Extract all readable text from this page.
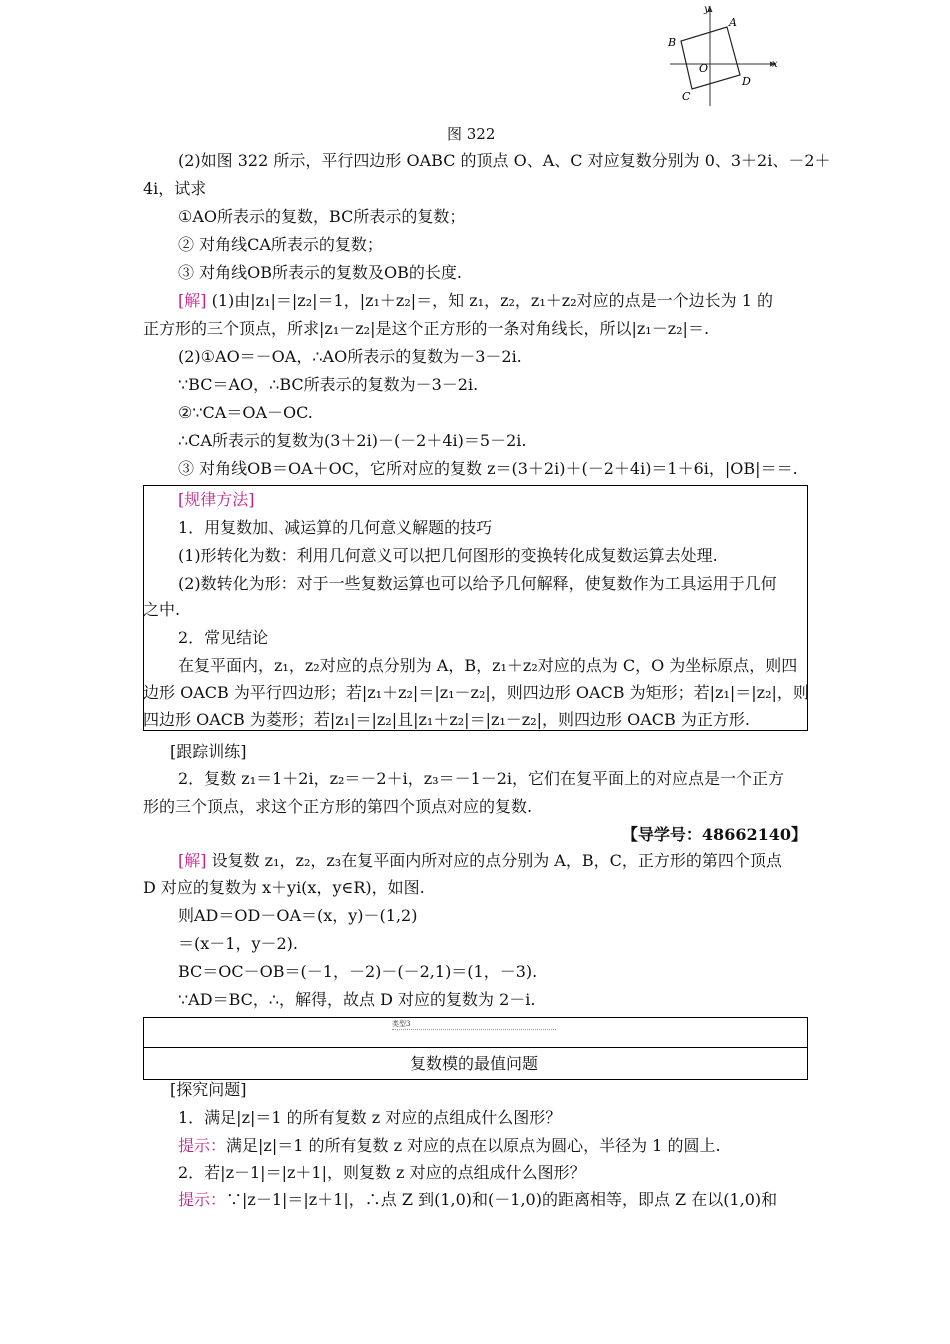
y
x
A
B
O
C
D
图 322
(2)如图 322 所示，平行四边形 OABC 的顶点 O、A、C 对应复数分别为 0、3＋2i、－2＋
4i，试求
①AO所表示的复数，BC所表示的复数；
② 对角线CA所表示的复数；
③ 对角线OB所表示的复数及OB的长度.
[解] (1)由|z₁|＝|z₂|＝1，|z₁＋z₂|＝，知 z₁，z₂，z₁＋z₂对应的点是一个边长为 1 的
正方形的三个顶点，所求|z₁－z₂|是这个正方形的一条对角线长，所以|z₁－z₂|＝.
(2)①AO＝－OA，∴AO所表示的复数为－3－2i.
∵BC＝AO，∴BC所表示的复数为－3－2i.
②∵CA＝OA－OC.
∴CA所表示的复数为(3＋2i)－(－2＋4i)＝5－2i.
③ 对角线OB＝OA＋OC，它所对应的复数 z＝(3＋2i)＋(－2＋4i)＝1＋6i，|OB|＝＝.
[规律方法]
1．用复数加、减运算的几何意义解题的技巧
(1)形转化为数：利用几何意义可以把几何图形的变换转化成复数运算去处理.
(2)数转化为形：对于一些复数运算也可以给予几何解释，使复数作为工具运用于几何
之中.
2．常见结论
在复平面内，z₁，z₂对应的点分别为 A，B，z₁＋z₂对应的点为 C，O 为坐标原点，则四
边形 OACB 为平行四边形；若|z₁＋z₂|＝|z₁－z₂|，则四边形 OACB 为矩形；若|z₁|＝|z₂|，则
四边形 OACB 为菱形；若|z₁|＝|z₂|且|z₁＋z₂|＝|z₁－z₂|，则四边形 OACB 为正方形.
[跟踪训练]
2．复数 z₁＝1＋2i，z₂＝－2＋i，z₃＝－1－2i，它们在复平面上的对应点是一个正方
形的三个顶点，求这个正方形的第四个顶点对应的复数.
【导学号：48662140】
[解] 设复数 z₁，z₂，z₃在复平面内所对应的点分别为 A，B，C，正方形的第四个顶点
D 对应的复数为 x＋yi(x，y∈R)，如图.
则AD＝OD－OA＝(x，y)－(1,2)
＝(x－1，y－2).
BC＝OC－OB＝(－1，－2)－(－2,1)＝(1，－3).
∵AD＝BC，∴，解得，故点 D 对应的复数为 2－i.
类型3
复数模的最值问题
[探究问题]
1．满足|z|＝1 的所有复数 z 对应的点组成什么图形？
提示：满足|z|＝1 的所有复数 z 对应的点在以原点为圆心，半径为 1 的圆上.
2．若|z－1|＝|z＋1|，则复数 z 对应的点组成什么图形？
提示：∵|z－1|＝|z＋1|，∴点 Z 到(1,0)和(－1,0)的距离相等，即点 Z 在以(1,0)和
